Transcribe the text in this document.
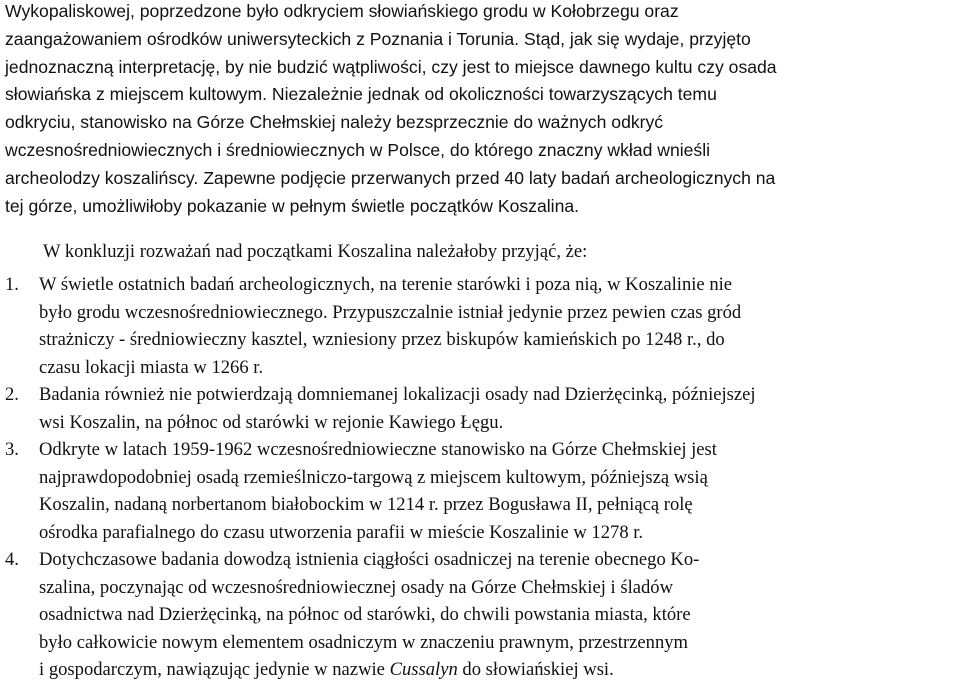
Wykopaliskowej, poprzedzone było odkryciem słowiańskiego grodu w Kołobrzegu oraz
zaangażowaniem ośrodków uniwersyteckich z Poznania i Torunia. Stąd, jak się wydaje, przyjęto
jednoznaczną interpretację, by nie budzić wątpliwości, czy jest to miejsce dawnego kultu czy osada
słowiańska z miejscem kultowym. Niezależnie jednak od okoliczności towarzyszących temu
odkryciu, stanowisko na Górze Chełmskiej należy bezsprzecznie do ważnych odkryć
wczesnośredniowiecznych i średniowiecznych w Polsce, do którego znaczny wkład wnieśli
archeolodzy koszalińscy. Zapewne podjęcie przerwanych przed 40 laty badań archeologicznych na
tej górze, umożliwiłoby pokazanie w pełnym świetle początków Koszalina.
W konkluzji rozważań nad początkami Koszalina należałoby przyjąć, że:
1.	W świetle ostatnich badań archeologicznych, na terenie starówki i poza nią, w Koszalinie nie
było grodu wczesnośredniowiecznego. Przypuszczalnie istniał jedynie przez pewien czas gród
strażniczy - średniowieczny kasztel, wzniesiony przez biskupów kamieńskich po 1248 r., do
czasu lokacji miasta w 1266 r.
2.	Badania również nie potwierdzają domniemanej lokalizacji osady nad Dzierżęcinką, późniejszej
wsi Koszalin, na północ od starówki w rejonie Kawiego Łęgu.
3.	Odkryte w latach 1959-1962 wczesnośredniowieczne stanowisko na Górze Chełmskiej jest
najprawdopodobniej osadą rzemieślniczo-targową z miejscem kultowym, późniejszą wsią
Koszalin, nadaną norbertanom białobockim w 1214 r. przez Bogusława II, pełniącą rolę
ośrodka parafialnego do czasu utworzenia parafii w mieście Koszalinie w 1278 r.
4.	Dotychczasowe badania dowodzą istnienia ciągłości osadniczej na terenie obecnego Ko-
szalina, poczynając od wczesnośredniowiecznej osady na Górze Chełmskiej i śladów
osadnictwa nad Dzierżęcinką, na północ od starówki, do chwili powstania miasta, które
było całkowicie nowym elementem osadniczym w znaczeniu prawnym, przestrzennym
i gospodarczym, nawiązując jedynie w nazwie Cussalyn do słowiańskiej wsi.
